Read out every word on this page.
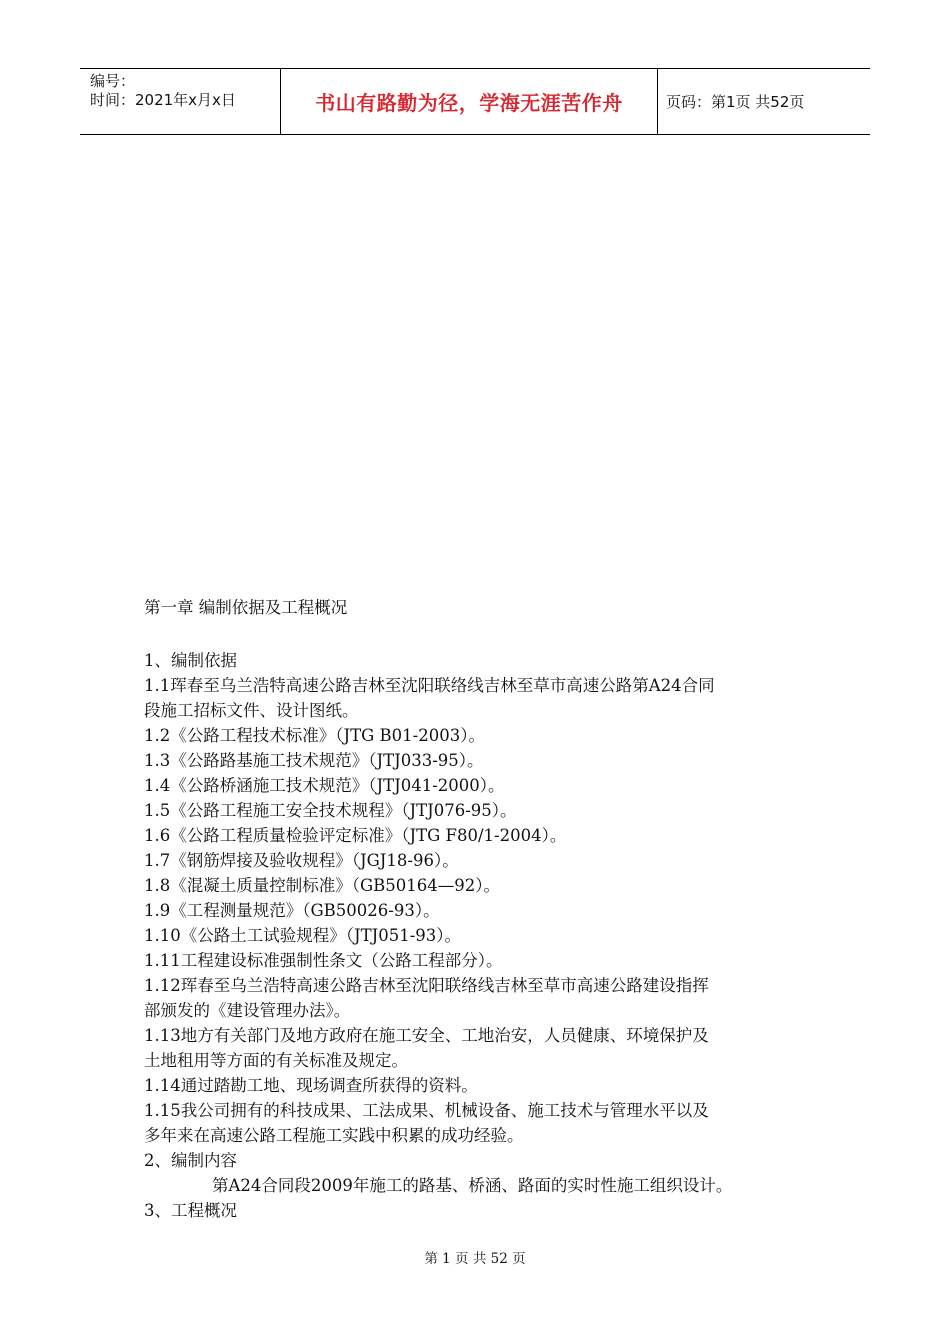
编号：
时间：2021年x月x日	书山有路勤为径，学海无涯苦作舟	页码：第1页 共52页

第一章 编制依据及工程概况

1、编制依据

1.1珲春至乌兰浩特高速公路吉林至沈阳联络线吉林至草市高速公路第A24合同

段施工招标文件、设计图纸。

1.2《公路工程技术标准》（JTG B01-2003）。

1.3《公路路基施工技术规范》（JTJ033-95）。

1.4《公路桥涵施工技术规范》（JTJ041-2000）。

1.5《公路工程施工安全技术规程》（JTJ076-95）。

1.6《公路工程质量检验评定标准》（JTG F80/1-2004）。

1.7《钢筋焊接及验收规程》（JGJ18-96）。

1.8《混凝土质量控制标准》（GB50164—92）。

1.9《工程测量规范》（GB50026-93）。

1.10《公路土工试验规程》（JTJ051-93）。

1.11工程建设标准强制性条文（公路工程部分）。

1.12珲春至乌兰浩特高速公路吉林至沈阳联络线吉林至草市高速公路建设指挥

部颁发的《建设管理办法》。

1.13地方有关部门及地方政府在施工安全、工地治安，人员健康、环境保护及

土地租用等方面的有关标准及规定。

1.14通过踏勘工地、现场调查所获得的资料。

1.15我公司拥有的科技成果、工法成果、机械设备、施工技术与管理水平以及

多年来在高速公路工程施工实践中积累的成功经验。

2、编制内容

第A24合同段2009年施工的路基、桥涵、路面的实时性施工组织设计。

3、工程概况

第 1 页 共 52 页
